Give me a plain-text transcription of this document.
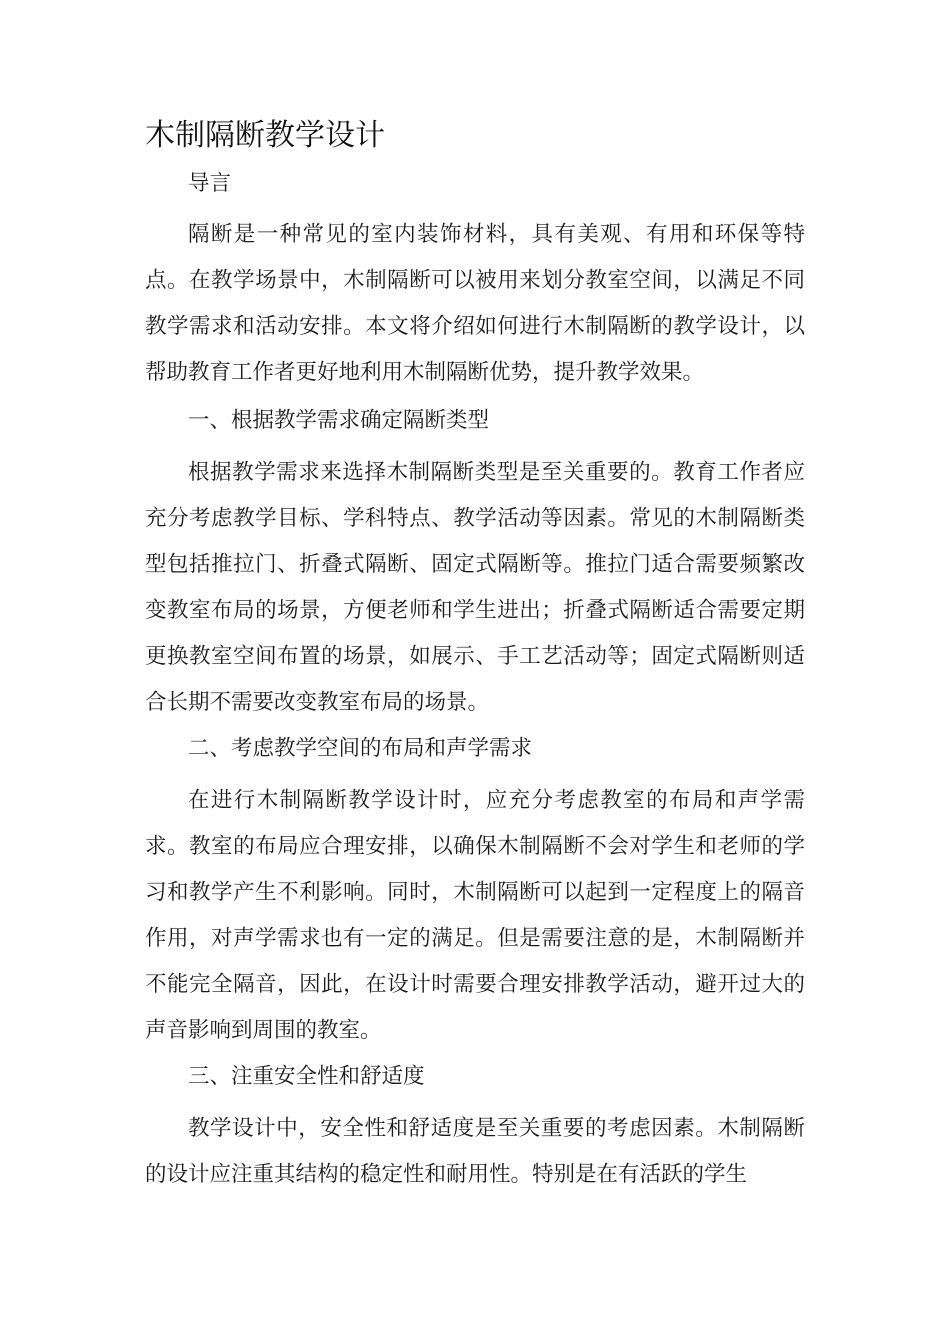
木制隔断教学设计

导言

隔断是一种常见的室内装饰材料，具有美观、有用和环保等特点。在教学场景中，木制隔断可以被用来划分教室空间，以满足不同教学需求和活动安排。本文将介绍如何进行木制隔断的教学设计，以帮助教育工作者更好地利用木制隔断优势，提升教学效果。

一、根据教学需求确定隔断类型

根据教学需求来选择木制隔断类型是至关重要的。教育工作者应充分考虑教学目标、学科特点、教学活动等因素。常见的木制隔断类型包括推拉门、折叠式隔断、固定式隔断等。推拉门适合需要频繁改变教室布局的场景，方便老师和学生进出；折叠式隔断适合需要定期更换教室空间布置的场景，如展示、手工艺活动等；固定式隔断则适合长期不需要改变教室布局的场景。

二、考虑教学空间的布局和声学需求

在进行木制隔断教学设计时，应充分考虑教室的布局和声学需求。教室的布局应合理安排，以确保木制隔断不会对学生和老师的学习和教学产生不利影响。同时，木制隔断可以起到一定程度上的隔音作用，对声学需求也有一定的满足。但是需要注意的是，木制隔断并不能完全隔音，因此，在设计时需要合理安排教学活动，避开过大的声音影响到周围的教室。

三、注重安全性和舒适度

教学设计中，安全性和舒适度是至关重要的考虑因素。木制隔断的设计应注重其结构的稳定性和耐用性。特别是在有活跃的学生
